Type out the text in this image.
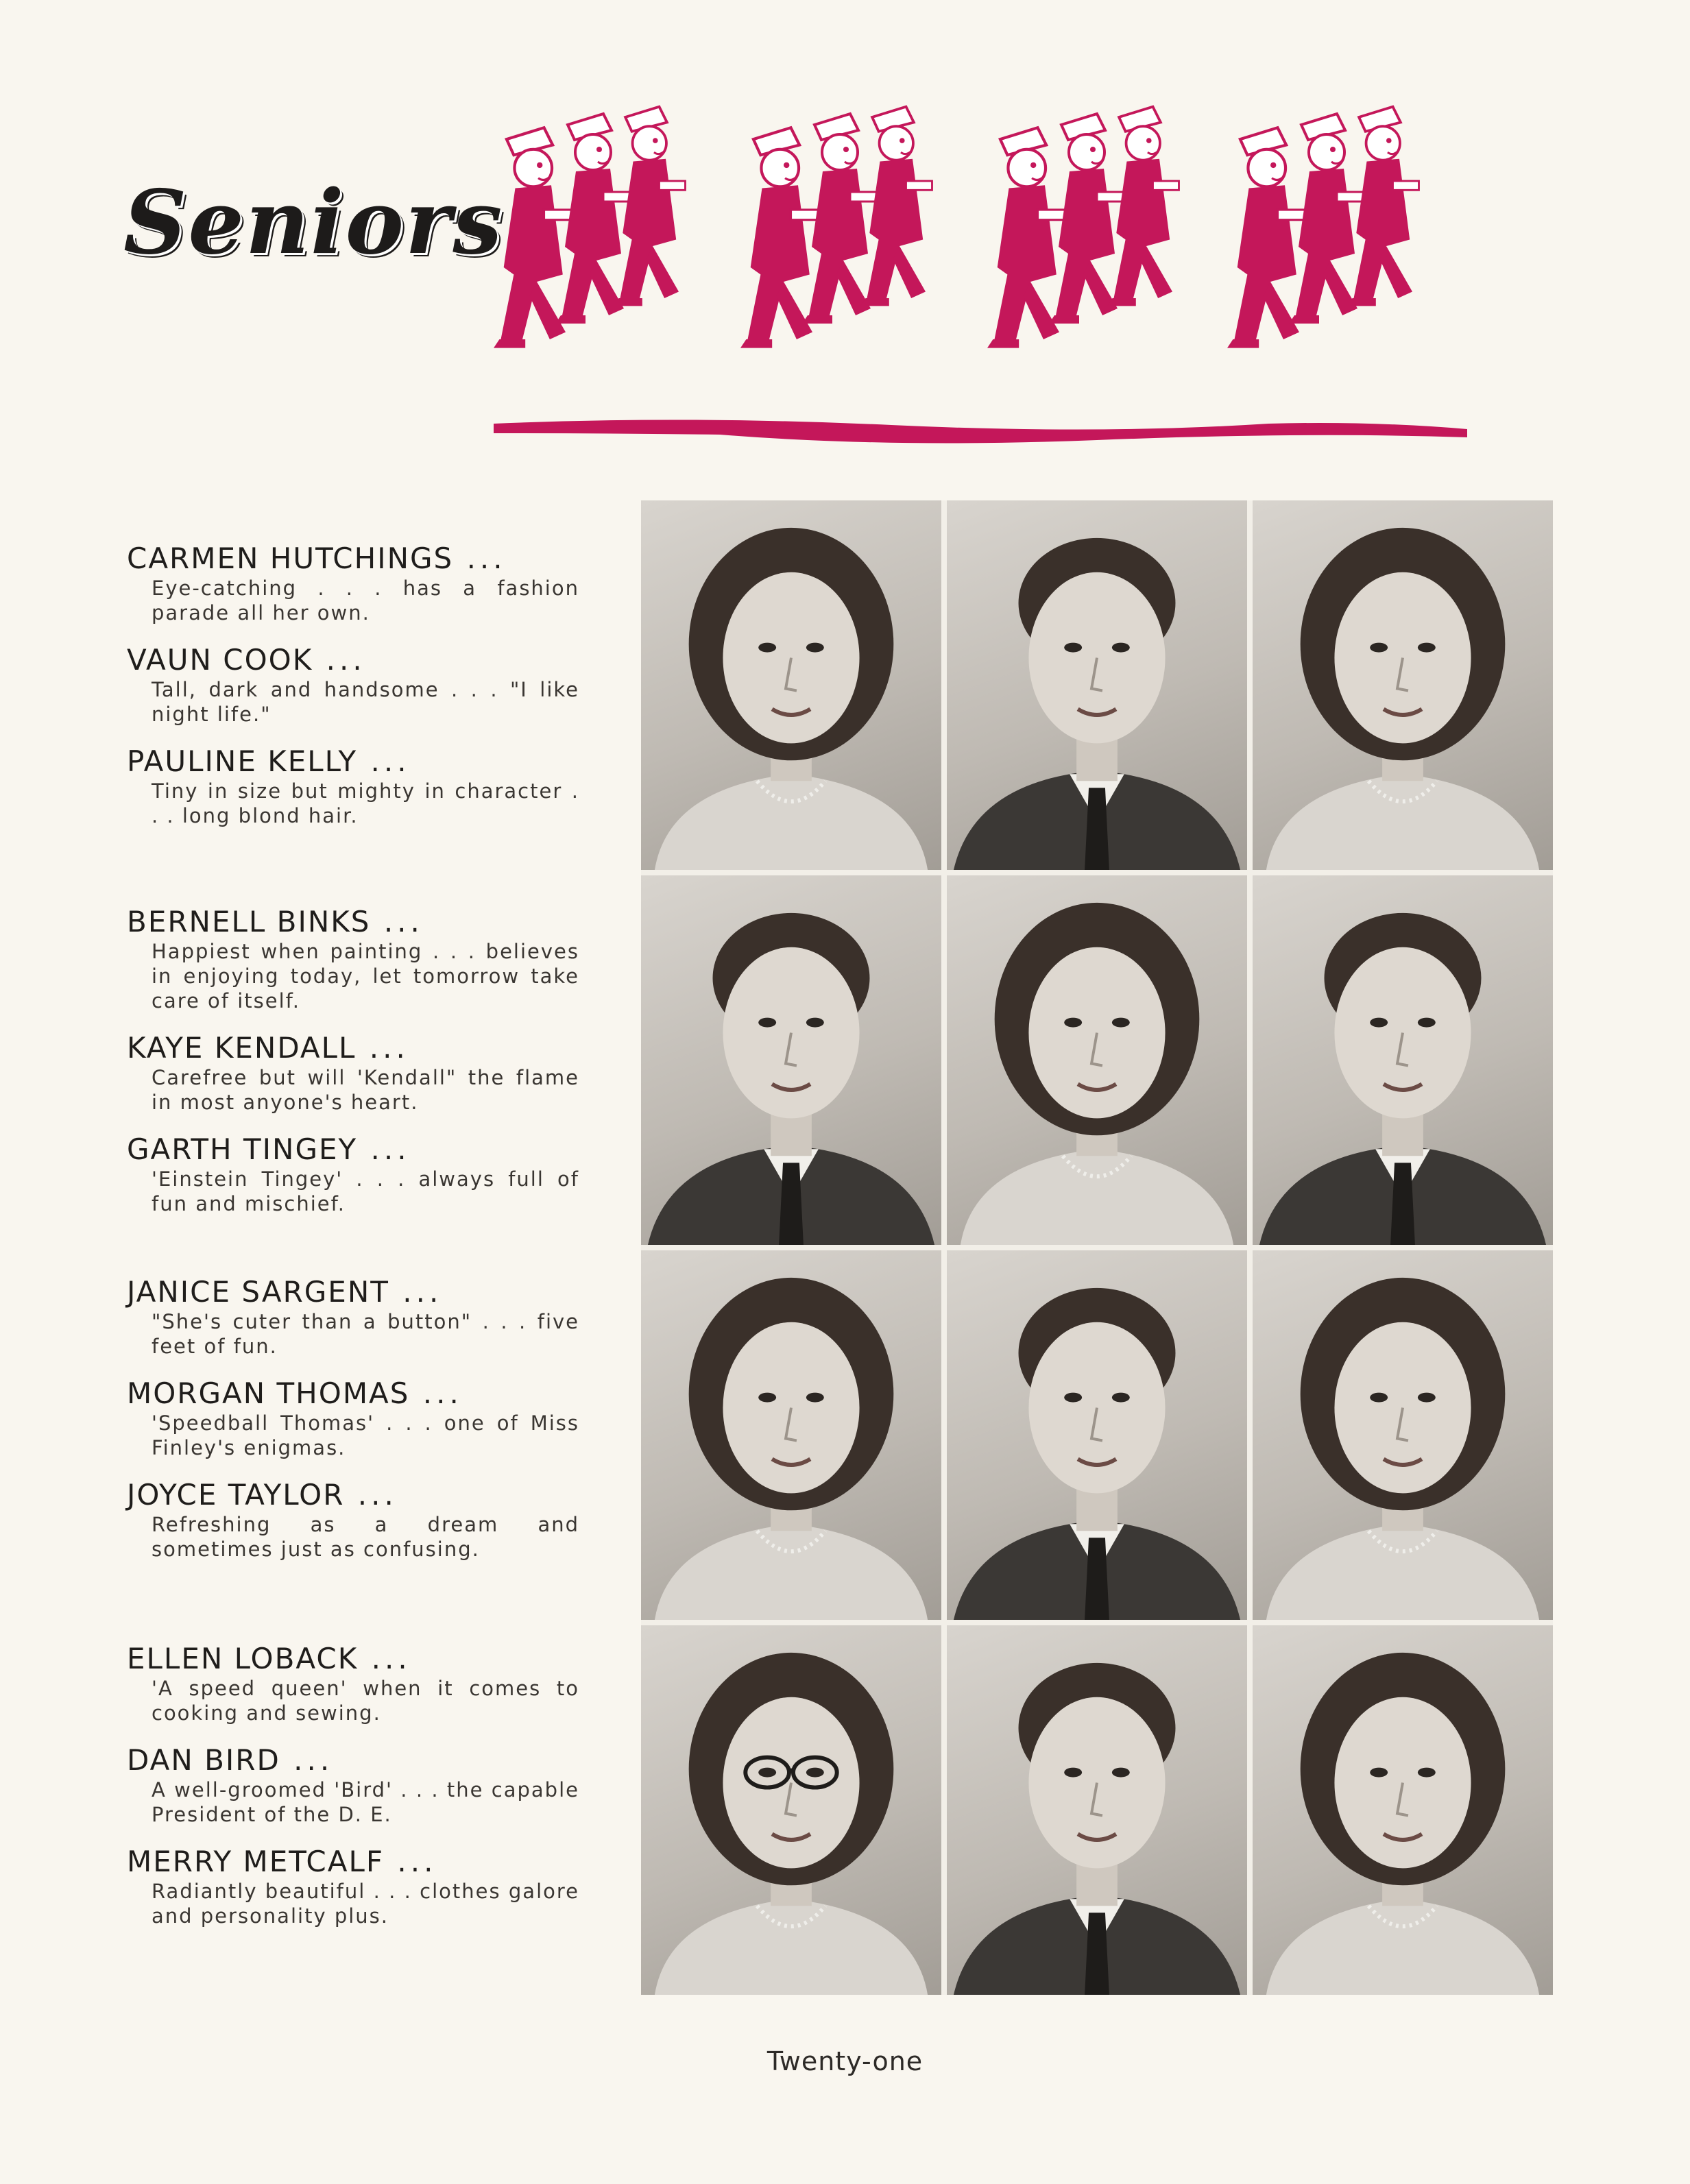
Seniors
CARMEN HUTCHINGS ...
Eye-catching . . . has a fashion parade all her own.
VAUN COOK ...
Tall, dark and handsome . . . "I like night life."
PAULINE KELLY ...
Tiny in size but mighty in character . . . long blond hair.
BERNELL BINKS ...
Happiest when painting . . . believes in enjoying today, let tomorrow take care of itself.
KAYE KENDALL ...
Carefree but will 'Kendall" the flame in most anyone's heart.
GARTH TINGEY ...
'Einstein Tingey' . . . always full of fun and mischief.
JANICE SARGENT ...
"She's cuter than a button" . . . five feet of fun.
MORGAN THOMAS ...
'Speedball Thomas' . . . one of Miss Finley's enigmas.
JOYCE TAYLOR ...
Refreshing as a dream and sometimes just as confusing.
ELLEN LOBACK ...
'A speed queen' when it comes to cooking and sewing.
DAN BIRD ...
A well-groomed 'Bird' . . . the capable President of the D. E.
MERRY METCALF ...
Radiantly beautiful . . . clothes galore and personality plus.
Twenty-one
